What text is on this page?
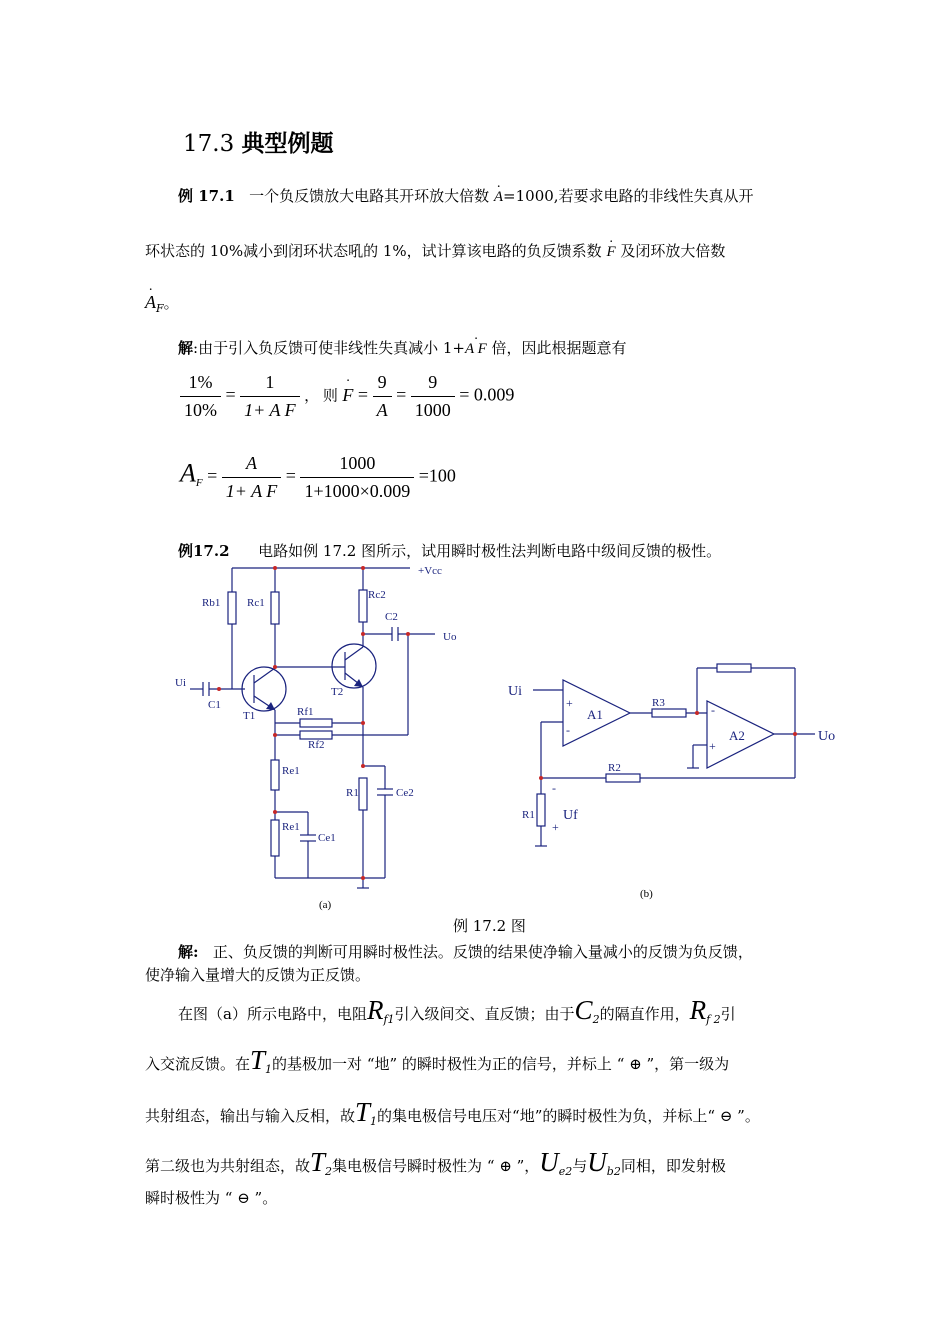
17.3 典型例题
例 17.1 一个负反馈放大电路其开环放大倍数 · A=1000,若要求电路的非线性失真从开
环状态的 10%减小到闭环状态吼的 1%，试计算该电路的负反馈系数 · F 及闭环放大倍数
· $A_F$。
解:由于引入负反馈可使非线性失真减小 1+· A F 倍，因此根据题意有
$\frac{1\%}{10\%} = \frac{1}{\text{1+ A F}}$ ， 则 · $F = \frac{9}{A} = \frac{9}{1000} = 0.009$
$A_F = \frac{A}{\text{1+ A F}} = \frac{1000}{1+1000\times 0.009} =100$
例17.2 电路如例 17.2 图所示，试用瞬时极性法判断电路中级间反馈的极性。
+Vcc
Rb1 Rc1
Rc2
C2
Uo
Ui
C1
T1
T2
Rf1
Rf2
Re1
Re1
R1	Ce2
Ce1
(a)
Ui
+
-
A1
R3	-
+
A2	Uo
R2
R1
-
Uf
+
(b)
例 17.2 图
解: 正、负反馈的判断可用瞬时极性法。反馈的结果使净输入量减小的反馈为负反馈，
使净输入量增大的反馈为正反馈。
在图（a）所示电路中，电阻$R_{f1}$引入级间交、直反馈；由于$C_2$的隔直作用，$R_{f 2}$引
入交流反馈。在$T_1$的基极加一对 “地” 的瞬时极性为正的信号，并标上 “ ⊕ ”，第一级为
共射组态，输出与输入反相，故$T_1$的集电极信号电压对“地”的瞬时极性为负，并标上“ ⊖ ”。
第二级也为共射组态，故$T_2$集电极信号瞬时极性为 “ ⊕ ”，$U_{e2}$与$U_{b2}$同相，即发射极
瞬时极性为 “ ⊖ ”。
